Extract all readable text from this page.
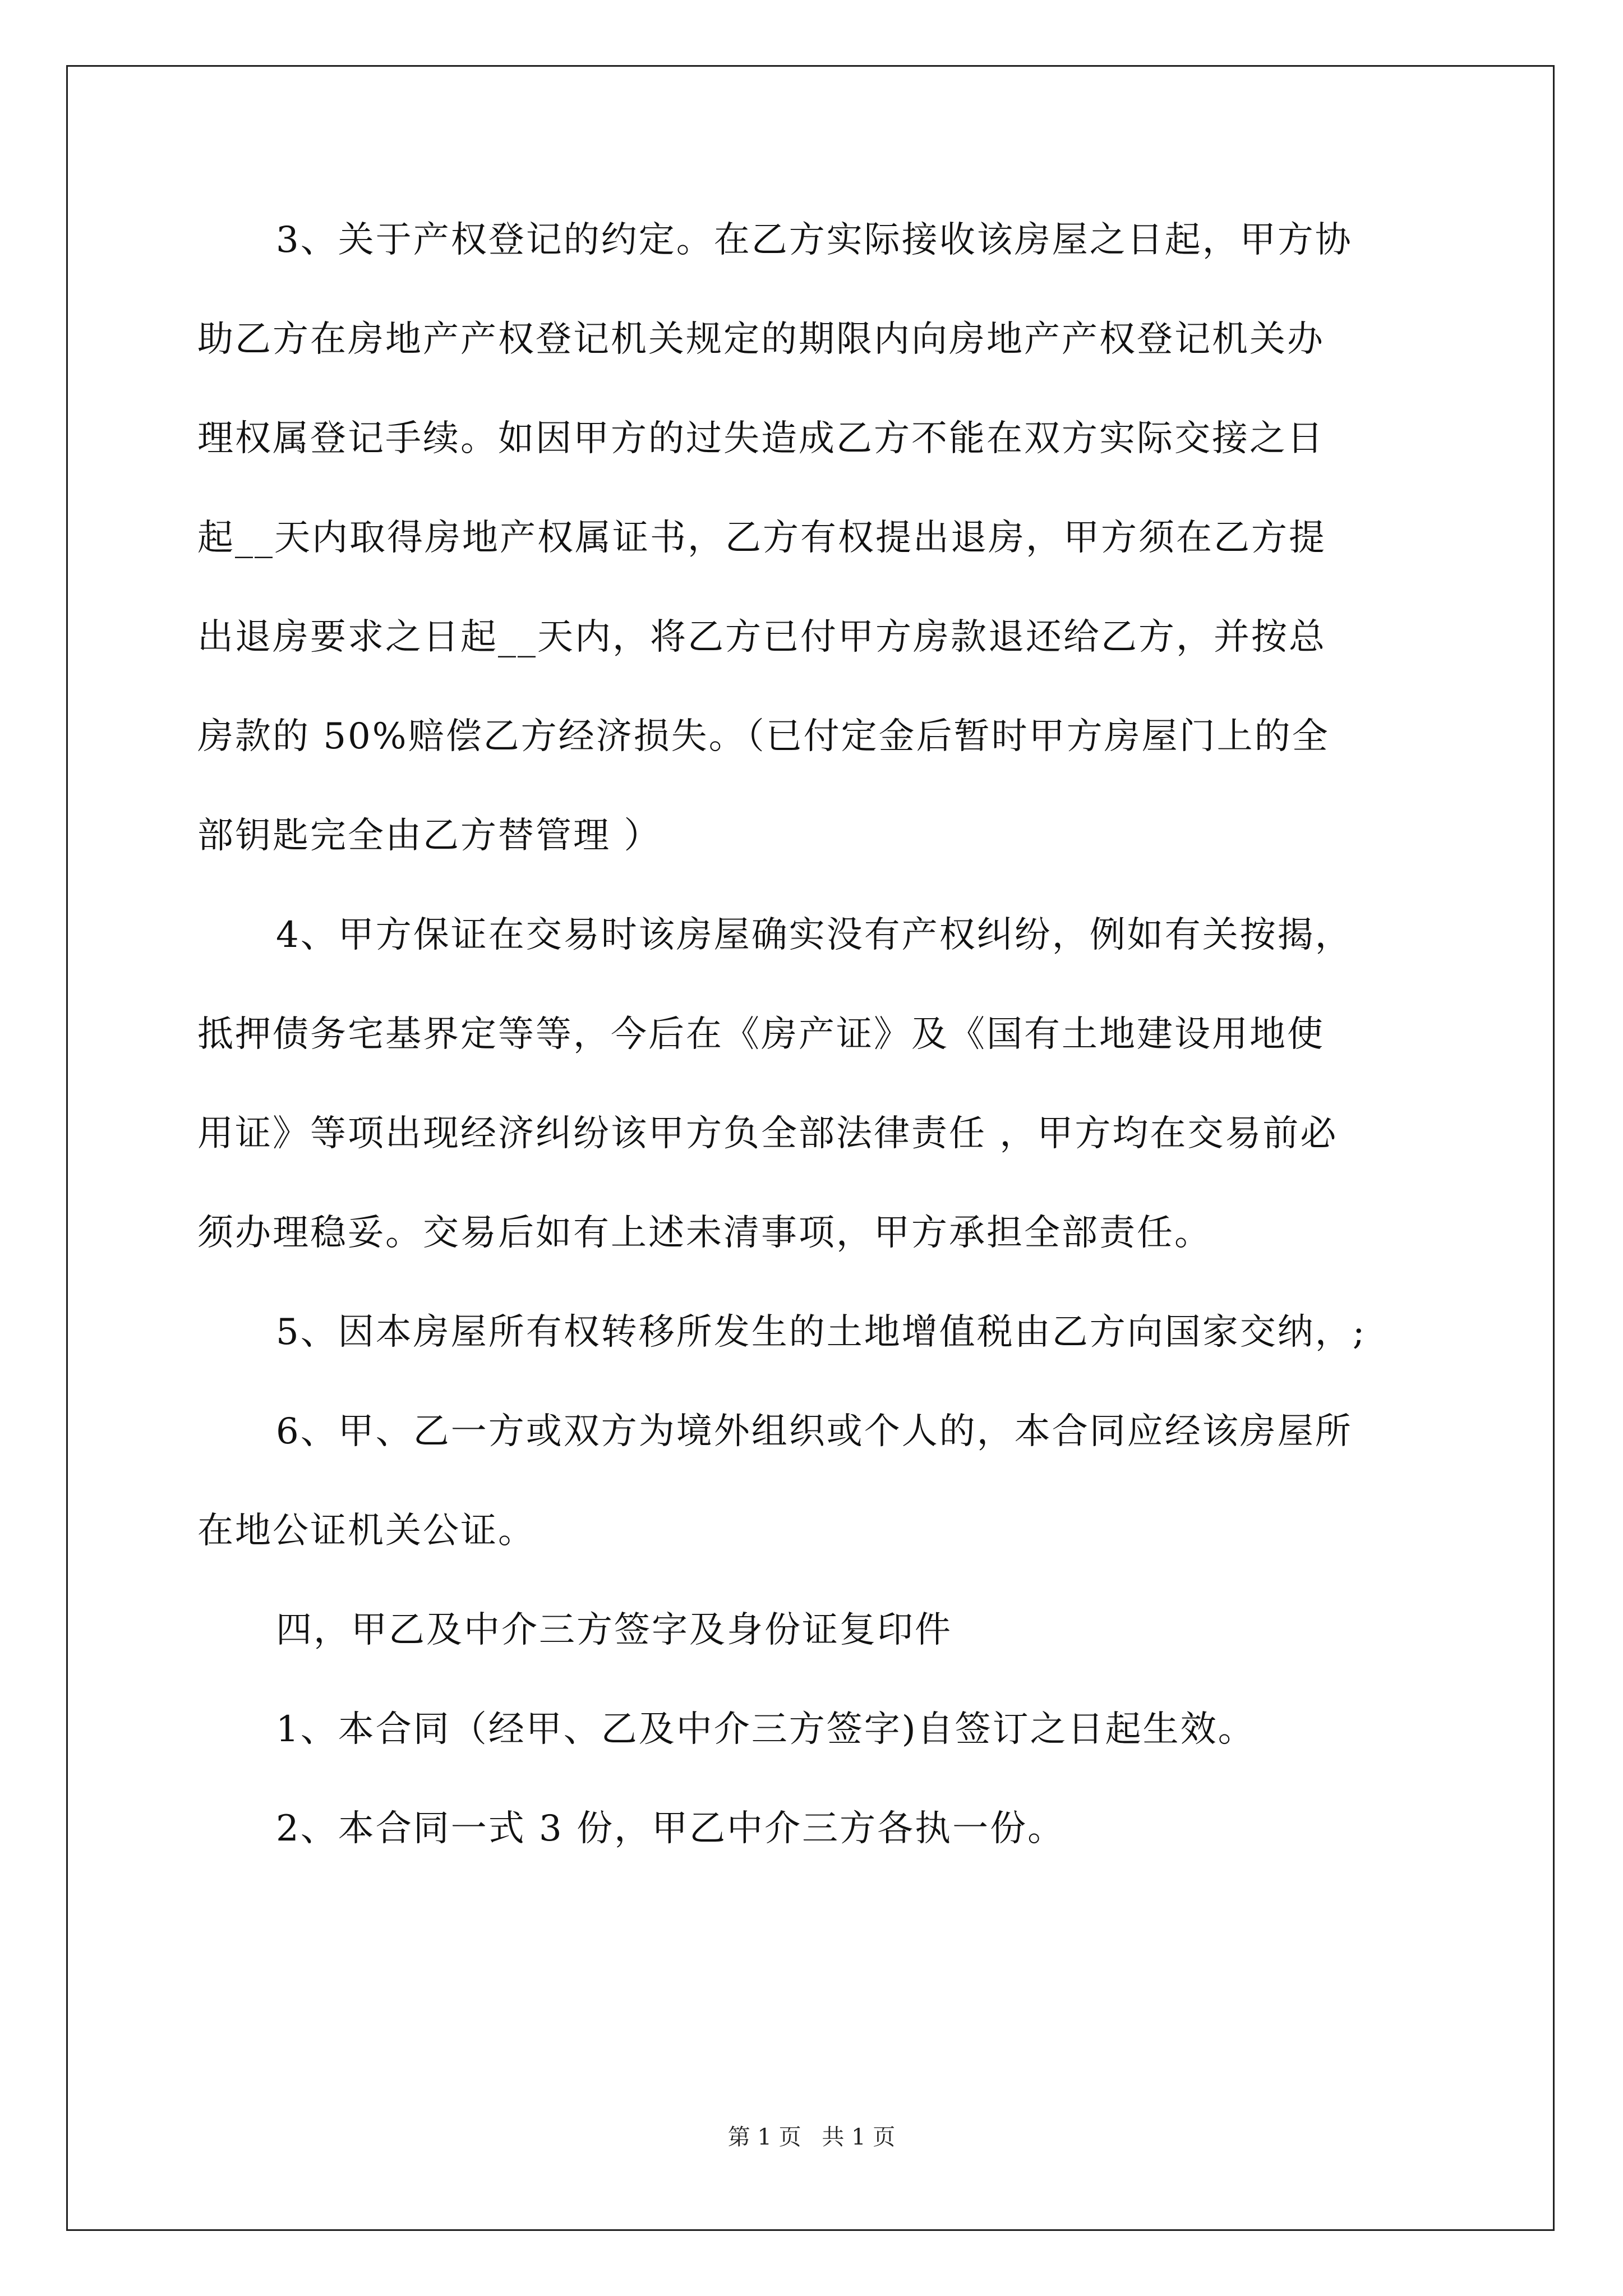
3、关于产权登记的约定。在乙方实际接收该房屋之日起，甲方协
助乙方在房地产产权登记机关规定的期限内向房地产产权登记机关办
理权属登记手续。如因甲方的过失造成乙方不能在双方实际交接之日
起__天内取得房地产权属证书，乙方有权提出退房，甲方须在乙方提
出退房要求之日起__天内，将乙方已付甲方房款退还给乙方，并按总
房款的 50%赔偿乙方经济损失。（已付定金后暂时甲方房屋门上的全
部钥匙完全由乙方替管理 ）
4、甲方保证在交易时该房屋确实没有产权纠纷，例如有关按揭，
抵押债务宅基界定等等，今后在《房产证》及《国有土地建设用地使
用证》等项出现经济纠纷该甲方负全部法律责任 ，甲方均在交易前必
须办理稳妥。交易后如有上述未清事项，甲方承担全部责任。
5、因本房屋所有权转移所发生的土地增值税由乙方向国家交纳，;
6、甲、乙一方或双方为境外组织或个人的，本合同应经该房屋所
在地公证机关公证。
四，甲乙及中介三方签字及身份证复印件
1、本合同（经甲、乙及中介三方签字)自签订之日起生效。
2、本合同一式 3 份，甲乙中介三方各执一份。
第 1 页 共 1 页
